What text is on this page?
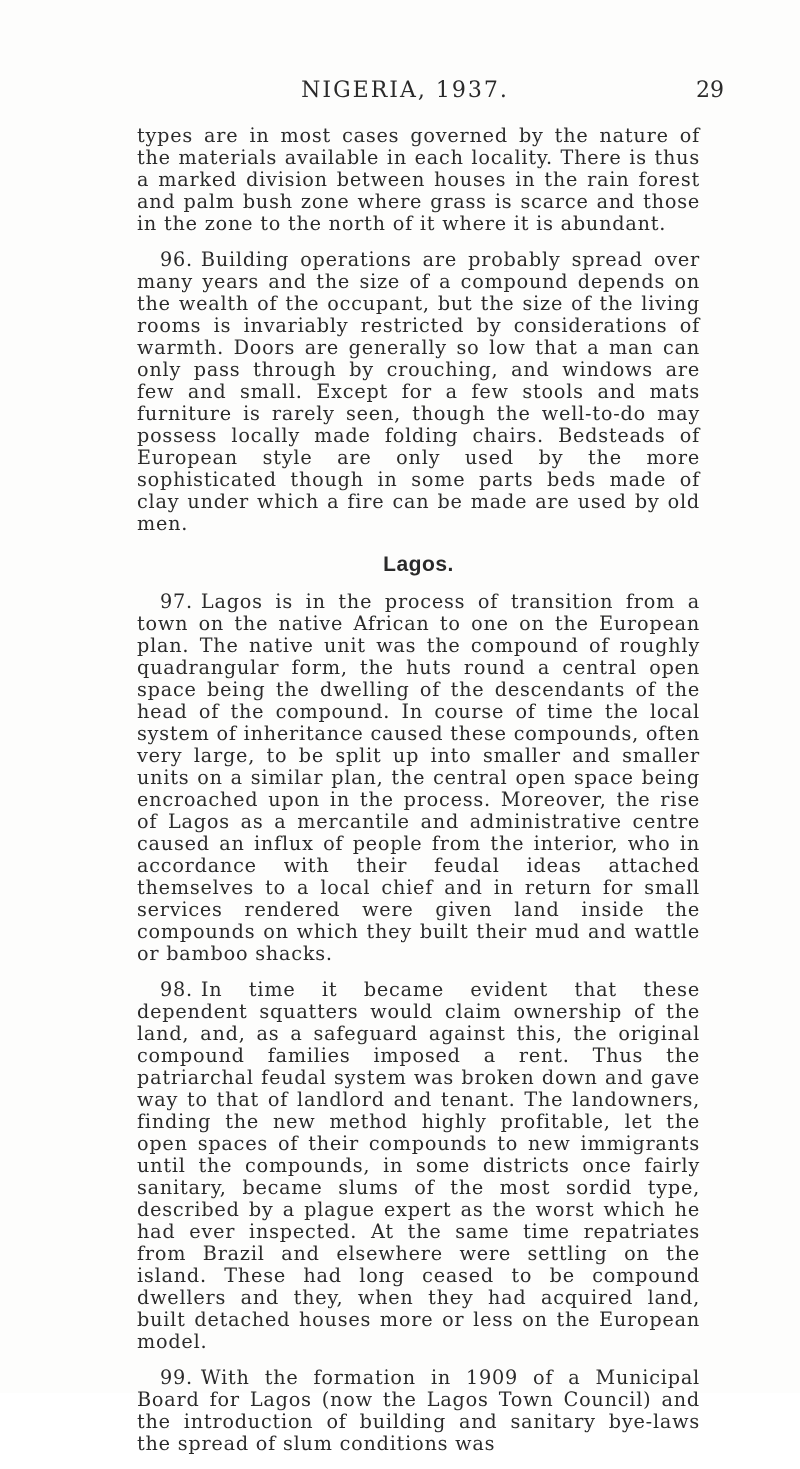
NIGERIA, 1937.	29

types are in most cases governed by the nature of the materials available in each locality. There is thus a marked division between houses in the rain forest and palm bush zone where grass is scarce and those in the zone to the north of it where it is abundant.

96. Building operations are probably spread over many years and the size of a compound depends on the wealth of the occupant, but the size of the living rooms is invariably restricted by considerations of warmth. Doors are generally so low that a man can only pass through by crouching, and windows are few and small. Except for a few stools and mats furniture is rarely seen, though the well-to-do may possess locally made folding chairs. Bedsteads of European style are only used by the more sophisticated though in some parts beds made of clay under which a fire can be made are used by old men.

Lagos.

97. Lagos is in the process of transition from a town on the native African to one on the European plan. The native unit was the compound of roughly quadrangular form, the huts round a central open space being the dwelling of the descendants of the head of the compound. In course of time the local system of inheritance caused these compounds, often very large, to be split up into smaller and smaller units on a similar plan, the central open space being encroached upon in the process. Moreover, the rise of Lagos as a mercantile and administrative centre caused an influx of people from the interior, who in accordance with their feudal ideas attached themselves to a local chief and in return for small services rendered were given land inside the compounds on which they built their mud and wattle or bamboo shacks.

98. In time it became evident that these dependent squatters would claim ownership of the land, and, as a safeguard against this, the original compound families imposed a rent. Thus the patriarchal feudal system was broken down and gave way to that of landlord and tenant. The landowners, finding the new method highly profitable, let the open spaces of their compounds to new immigrants until the compounds, in some districts once fairly sanitary, became slums of the most sordid type, described by a plague expert as the worst which he had ever inspected. At the same time repatriates from Brazil and elsewhere were settling on the island. These had long ceased to be compound dwellers and they, when they had acquired land, built detached houses more or less on the European model.

99. With the formation in 1909 of a Municipal Board for Lagos (now the Lagos Town Council) and the introduction of building and sanitary bye-laws the spread of slum conditions was
